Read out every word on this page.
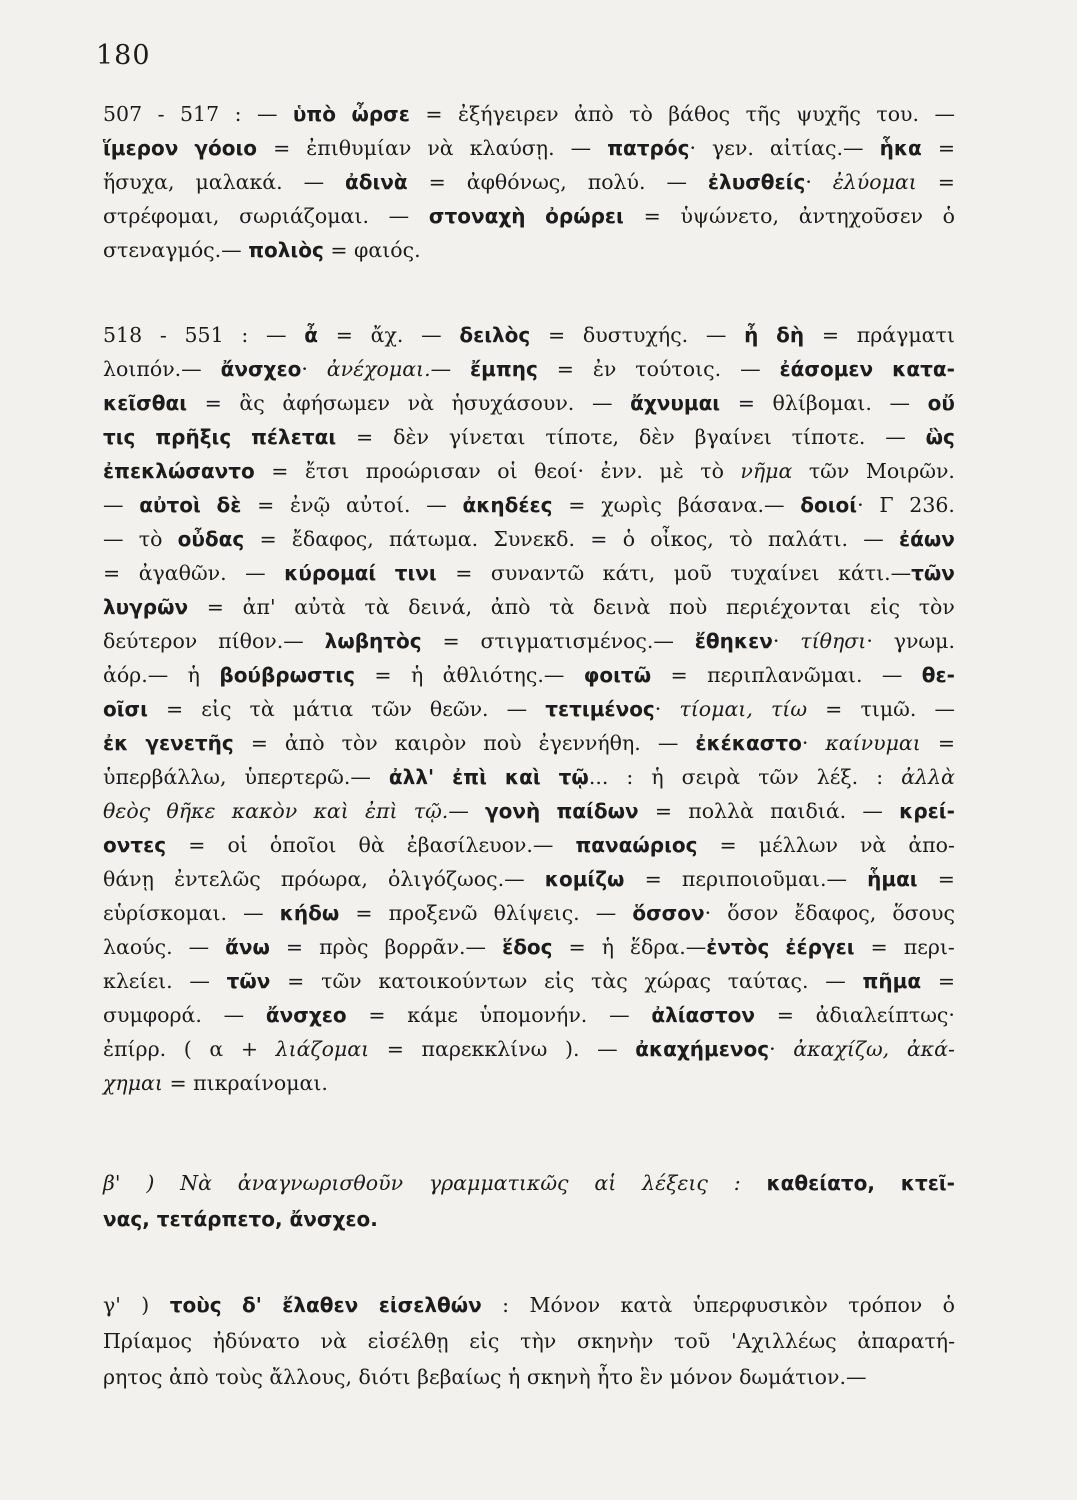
180
507 - 517 : — ὑπὸ ὦρσε = ἐξήγειρεν ἀπὸ τὸ βάθος τῆς ψυχῆς του. —
ἵμερον γόοιο = ἐπιθυμίαν νὰ κλαύσῃ. — πατρός· γεν. αἰτίας.— ἧκα =
ἥσυχα, μαλακά. — ἀδινὰ = ἀφθόνως, πολύ. — ἐλυσθείς· ἐλύομαι =
στρέφομαι, σωριάζομαι. — στοναχὴ ὀρώρει = ὑψώνετο, ἀντηχοῦσεν ὁ
στεναγμός.— πολιὸς = φαιός.
518 - 551 : — ἆ = ἄχ. — δειλὸς = δυστυχής. — ἦ δὴ = πράγματι
λοιπόν.— ἄνσχεο· ἀνέχομαι.— ἔμπης = ἐν τούτοις. — ἐάσομεν κατα-
κεῖσθαι = ἂς ἀφήσωμεν νὰ ἡσυχάσουν. — ἄχνυμαι = θλίβομαι. — οὔ
τις πρῆξις πέλεται = δὲν γίνεται τίποτε, δὲν βγαίνει τίποτε. — ὣς
ἐπεκλώσαντο = ἔτσι προώρισαν οἱ θεοί· ἐνν. μὲ τὸ νῆμα τῶν Μοιρῶν.
— αὐτοὶ δὲ = ἐνῷ αὐτοί. — ἀκηδέες = χωρὶς βάσανα.— δοιοί· Γ 236.
— τὸ οὖδας = ἔδαφος, πάτωμα. Συνεκδ. = ὁ οἶκος, τὸ παλάτι. — ἐάων
= ἀγαθῶν. — κύρομαί τινι = συναντῶ κάτι, μοῦ τυχαίνει κάτι.—τῶν
λυγρῶν = ἀπ' αὐτὰ τὰ δεινά, ἀπὸ τὰ δεινὰ ποὺ περιέχονται εἰς τὸν
δεύτερον πίθον.— λωβητὸς = στιγματισμένος.— ἔθηκεν· τίθησι· γνωμ.
ἀόρ.— ἡ βούβρωστις = ἡ ἀθλιότης.— φοιτῶ = περιπλανῶμαι. — θε-
οῖσι = εἰς τὰ μάτια τῶν θεῶν. — τετιμένος· τίομαι, τίω = τιμῶ. —
ἐκ γενετῆς = ἀπὸ τὸν καιρὸν ποὺ ἐγεννήθη. — ἐκέκαστο· καίνυμαι =
ὑπερβάλλω, ὑπερτερῶ.— ἀλλ' ἐπὶ καὶ τῷ... : ἡ σειρὰ τῶν λέξ. : ἀλλὰ
θεὸς θῆκε κακὸν καὶ ἐπὶ τῷ.— γονὴ παίδων = πολλὰ παιδιά. — κρεί-
οντες = οἱ ὁποῖοι θὰ ἐβασίλευον.— παναώριος = μέλλων νὰ ἀπο-
θάνῃ ἐντελῶς πρόωρα, ὀλιγόζωος.— κομίζω = περιποιοῦμαι.— ἧμαι =
εὑρίσκομαι. — κήδω = προξενῶ θλίψεις. — ὅσσον· ὅσον ἔδαφος, ὅσους
λαούς. — ἄνω = πρὸς βορρᾶν.— ἕδος = ἡ ἕδρα.—ἐντὸς ἐέργει = περι-
κλείει. — τῶν = τῶν κατοικούντων εἰς τὰς χώρας ταύτας. — πῆμα =
συμφορά. — ἄνσχεο = κάμε ὑπομονήν. — ἀλίαστον = ἀδιαλείπτως·
ἐπίρρ. ( α + λιάζομαι = παρεκκλίνω ). — ἀκαχήμενος· ἀκαχίζω, ἀκά-
χημαι = πικραίνομαι.
β' ) Νὰ ἀναγνωρισθοῦν γραμματικῶς αἱ λέξεις : καθείατο, κτεῖ-
νας, τετάρπετο, ἄνσχεο.
γ' ) τοὺς δ' ἔλαθεν εἰσελθών : Μόνον κατὰ ὑπερφυσικὸν τρόπον ὁ
Πρίαμος ἠδύνατο νὰ εἰσέλθῃ εἰς τὴν σκηνὴν τοῦ 'Αχιλλέως ἀπαρατή-
ρητος ἀπὸ τοὺς ἄλλους, διότι βεβαίως ἡ σκηνὴ ἦτο ἓν μόνον δωμάτιον.—
